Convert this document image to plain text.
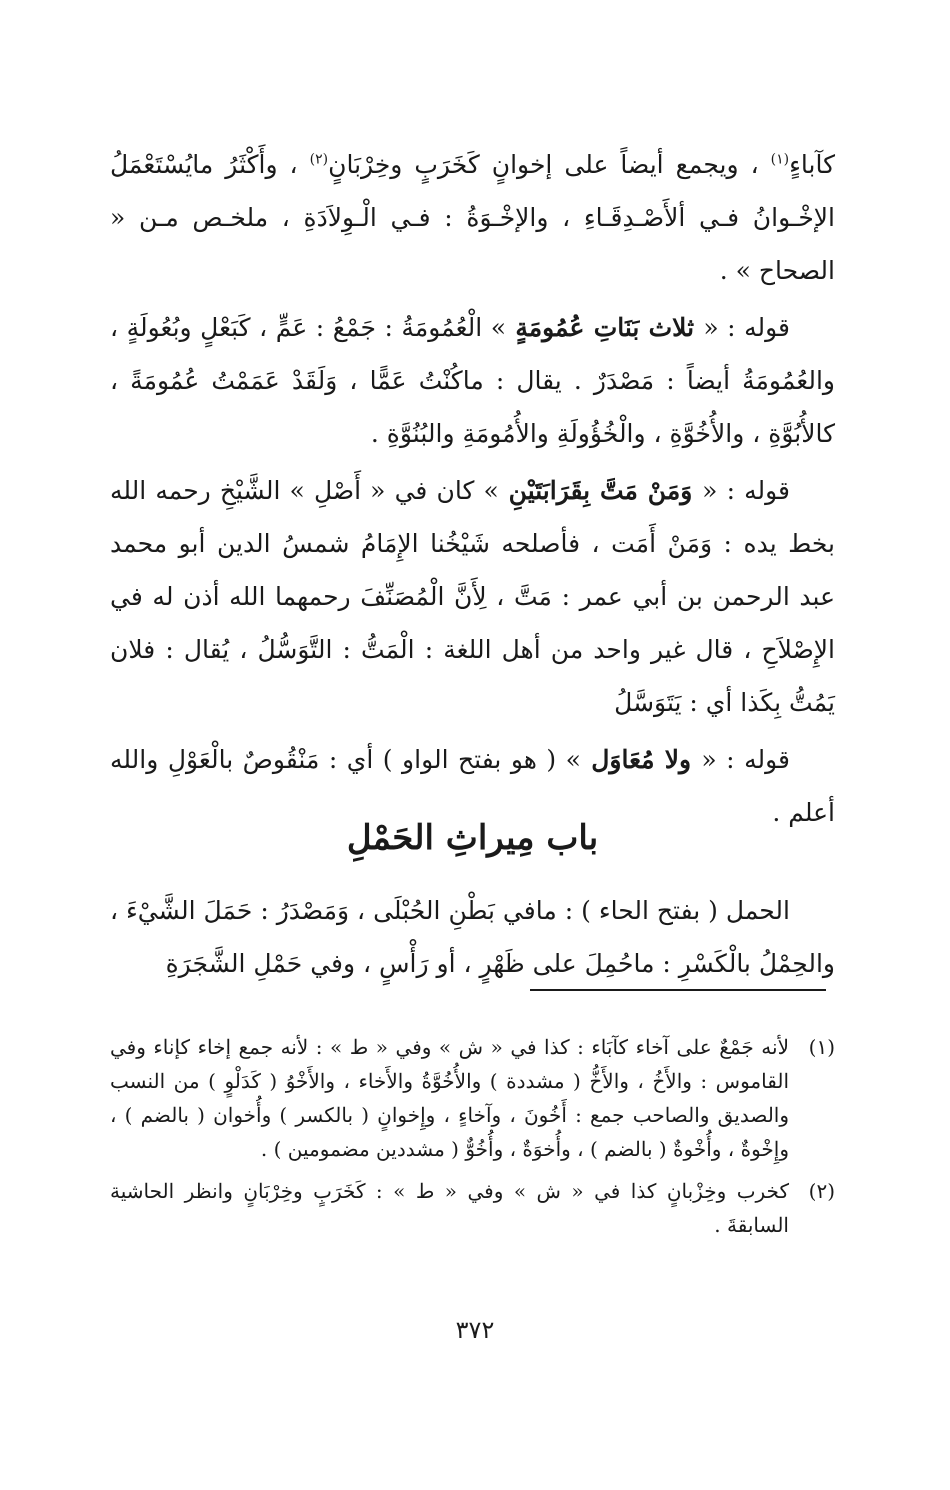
كآباءٍ$^{(١)}$ ، ويجمع أيضاً على إخوانٍ كَخَرَبٍ وخِرْبَانٍ$^{(٢)}$ ، وأَكْثَرُ مايُسْتَعْمَلُ الإخْـوانُ فـي ألأَصْـدِقَـاءِ ، والإخْـوَةُ : فـي الْـوِلاَدَةِ ، ملخـص مـن « الصحاح » .

قوله : « ثلاث بَنَاتِ عُمُومَةٍ » الْعُمُومَةُ : جَمْعُ : عَمٍّ ، كَبَعْلٍ وبُعُولَةٍ ، والعُمُومَةُ أيضاً : مَصْدَرٌ . يقال : ماكُنْتُ عَمًّا ، وَلَقَدْ عَمَمْتُ عُمُومَةً ، كالأُبُوَّةِ ، والأُخُوَّةِ ، والْخُؤُولَةِ والأُمُومَةِ والبُنُوَّةِ .

قوله : « وَمَنْ مَتَّ بِقَرَابَتَيْنِ » كان في « أَصْلِ » الشَّيْخِ رحمه الله بخط يده : وَمَنْ أَمَت ، فأصلحه شَيْخُنا الإِمَامُ شمسُ الدين أبو محمد عبد الرحمن بن أبي عمر : مَتَّ ، لِأَنَّ الْمُصَنِّفَ رحمهما الله أذن له في الإِصْلاَحِ ، قال غير واحد من أهل اللغة : الْمَتُّ : التَّوَسُّلُ ، يُقال : فلان يَمُتُّ بِكَذا أي : يَتَوَسَّلُ

قوله : « ولا مُعَاوَل » ( هو بفتح الواو ) أي : مَنْقُوصٌ بالْعَوْلِ والله أعلم .

باب مِيراثِ الحَمْلِ

الحمل ( بفتح الحاء ) : مافي بَطْنِ الحُبْلَى ، وَمَصْدَرُ : حَمَلَ الشَّيْءَ ، والحِمْلُ بالْكَسْرِ : ماحُمِلَ على ظَهْرٍ ، أو رَأْسٍ ، وفي حَمْلِ الشَّجَرَةِ

(١)
لأنه جَمْعٌ على آخاء كآبَاء : كذا في « ش » وفي « ط » : لأنه جمع إخاء كإناء وفي القاموس : والأَخُ ، والأَخُّ ( مشددة ) والأُخُوَّةُ والأَخاء ، والأَخْوُ ( كَدَلْوٍ ) من النسب والصديق والصاحب جمع : أَخُونَ ، وآخاءٍ ، وإِخوانٍ ( بالكسر ) وأُخوان ( بالضم ) ، وإِخْوةٌ ، وأُخْوةٌ ( بالضم ) ، وأُخوَةٌ ، وأُخُوٌّ ( مشددين مضمومين ) .
(٢)
كخرب وخِزْبانٍ كذا في « ش » وفي « ط » : كَخَرَبٍ وخِرْبَانٍ وانظر الحاشية السابقةَ .
٣٧٢
